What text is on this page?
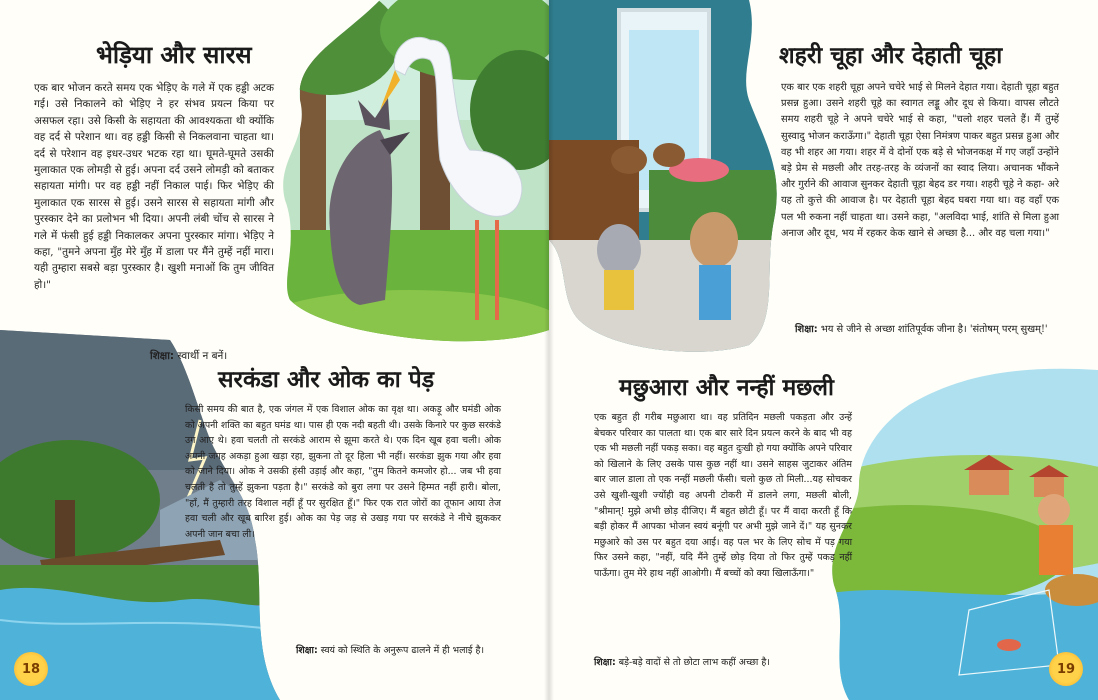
भेड़िया और सारस

एक बार भोजन करते समय एक भेड़िए के गले में एक हड्डी अटक गई। उसे निकालने को भेड़िए ने हर संभव प्रयत्न किया पर असफल रहा। उसे किसी के सहायता की आवश्यकता थी क्योंकि वह दर्द से परेशान था। वह हड्डी किसी से निकलवाना चाहता था। दर्द से परेशान वह इधर-उधर भटक रहा था। घूमते-घूमते उसकी मुलाकात एक लोमड़ी से हुई। अपना दर्द उसने लोमड़ी को बताकर सहायता मांगी। पर वह हड्डी नहीं निकाल पाई। फिर भेड़िए की मुलाकात एक सारस से हुई। उसने सारस से सहायता मांगी और पुरस्कार देने का प्रलोभन भी दिया। अपनी लंबी चोंच से सारस ने गले में फंसी हुई हड्डी निकालकर अपना पुरस्कार मांगा। भेड़िए ने कहा, "तुमने अपना मुँह मेरे मुँह में डाला पर मैंने तुम्हें नहीं मारा। यही तुम्हारा सबसे बड़ा पुरस्कार है। खुशी मनाओं कि तुम जीवित हो।"

शिक्षा: स्वार्थी न बनें।
सरकंडा और ओक का पेड़

किसी समय की बात है, एक जंगल में एक विशाल ओक का वृक्ष था। अकड़ू और घमंडी ओक को अपनी शक्ति का बहुत घमंड था। पास ही एक नदी बहती थी। उसके किनारे पर कुछ सरकंडे उग आए थे। हवा चलती तो सरकंडे आराम से झूमा करते थे। एक दिन खूब हवा चली। ओक अपनी जगह अकड़ा हुआ खड़ा रहा, झुकना तो दूर हिला भी नहीं। सरकंडा झुक गया और हवा को जाने दिया। ओक ने उसकी हंसी उड़ाई और कहा, "तुम कितने कमजोर हो... जब भी हवा चलती है तो तुम्हें झुकना पड़ता है।" सरकंडे को बुरा लगा पर उसने हिम्मत नहीं हारी। बोला, "हाँ, मैं तुम्हारी तरह विशाल नहीं हूँ पर सुरक्षित हूँ।" फिर एक रात जोरों का तूफान आया तेज हवा चली और खूब बारिश हुई। ओक का पेड़ जड़ से उखड़ गया पर सरकंडे ने नीचे झुककर अपनी जान बचा ली।

शिक्षा: स्वयं को स्थिति के अनुरूप ढालने में ही भलाई है।
18
शहरी चूहा और देहाती चूहा

एक बार एक शहरी चूहा अपने चचेरे भाई से मिलने देहात गया। देहाती चूहा बहुत प्रसन्न हुआ। उसने शहरी चूहे का स्वागत लड्डू और दूध से किया। वापस लौटते समय शहरी चूहे ने अपने चचेरे भाई से कहा, "चलो शहर चलते हैं। मैं तुम्हें सुस्वादु भोजन कराऊँगा।" देहाती चूहा ऐसा निमंत्रण पाकर बहुत प्रसन्न हुआ और वह भी शहर आ गया। शहर में वे दोनों एक बड़े से भोजनकक्ष में गए जहाँ उन्होंने बड़े प्रेम से मछली और तरह-तरह के व्यंजनों का स्वाद लिया। अचानक भौंकने और गुर्राने की आवाज सुनकर देहाती चूहा बेहद डर गया। शहरी चूहे ने कहा- अरे यह तो कुत्ते की आवाज है। पर देहाती चूहा बेहद घबरा गया था। वह वहाँ एक पल भी रुकना नहीं चाहता था। उसने कहा, "अलविदा भाई, शांति से मिला हुआ अनाज और दूध, भय में रहकर केक खाने से अच्छा है... और वह चला गया।"

शिक्षा: भय से जीने से अच्छा शांतिपूर्वक जीना है। 'संतोषम् परम् सुखम्!'
मछुआरा और नन्हीं मछली

एक बहुत ही गरीब मछुआरा था। वह प्रतिदिन मछली पकड़ता और उन्हें बेचकर परिवार का पालता था। एक बार सारे दिन प्रयत्न करने के बाद भी वह एक भी मछली नहीं पकड़ सका। वह बहुत दुःखी हो गया क्योंकि अपने परिवार को खिलाने के लिए उसके पास कुछ नहीं था। उसने साहस जुटाकर अंतिम बार जाल डाला तो एक नन्हीं मछली फँसी। चलो कुछ तो मिली...यह सोचकर उसे खुशी-खुशी ज्योंही वह अपनी टोकरी में डालने लगा, मछली बोली, "श्रीमान्! मुझे अभी छोड़ दीजिए। मैं बहुत छोटी हूँ। पर मैं वादा करती हूँ कि बड़ी होकर मैं आपका भोजन स्वयं बनूंगी पर अभी मुझे जाने दें।" यह सुनकर मछुआरे को उस पर बहुत दया आई। वह पल भर के लिए सोच में पड़ गया फिर उसने कहा, "नहीं, यदि मैंने तुम्हें छोड़ दिया तो फिर तुम्हें पकड़ नहीं पाऊँगा। तुम मेरे हाथ नहीं आओगी। मैं बच्चों को क्या खिलाऊँगा।"

शिक्षा: बड़े-बड़े वादों से तो छोटा लाभ कहीं अच्छा है।	19
